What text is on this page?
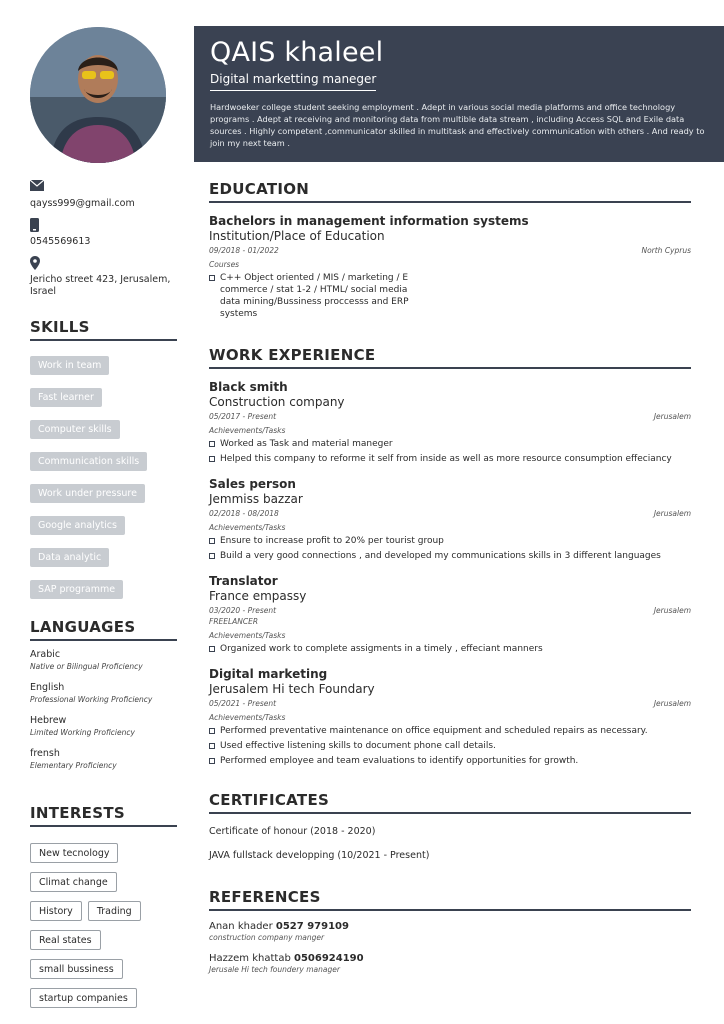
qayss999@gmail.com
0545569613
Jericho street 423, Jerusalem, Israel
SKILLS
Work in team
Fast learner
Computer skills
Communication skills
Work under pressure
Google analytics
Data analytic
SAP programme
LANGUAGES
Arabic
Native or Bilingual Proficiency
English
Professional Working Proficiency
Hebrew
Limited Working Proficiency
frensh
Elementary Proficiency
INTERESTS
New tecnology
Climat change
History	Trading
Real states
small bussiness
startup companies

QAIS khaleel
Digital marketting maneger
Hardwoeker college student seeking employment . Adept in various social media platforms and office technology programs . Adept at receiving and monitoring data from multible data stream , including Access SQL and Exile data sources . Highly competent ,communicator skilled in multitask and effectively communication with others . And ready to join my next team .
EDUCATION
Bachelors in management information systems
Institution/Place of Education
09/2018 - 01/2022	North Cyprus
Courses
C++ Object oriented / MIS / marketing / E commerce / stat 1-2 / HTML/ social media data mining/Bussiness proccesss and ERP systems
WORK EXPERIENCE
Black smith
Construction company
05/2017 - Present	Jerusalem
Achievements/Tasks
Worked as Task and material maneger
Helped this company to reforme it self from inside as well as more resource consumption effeciancy
Sales person
Jemmiss bazzar
02/2018 - 08/2018	Jerusalem
Achievements/Tasks
Ensure to increase profit to 20% per tourist group
Build a very good connections , and developed my communications skills in 3 different languages
Translator
France empassy
03/2020 - Present	Jerusalem
FREELANCER
Achievements/Tasks
Organized work to complete assigments in a timely , effeciant manners
Digital marketing
Jerusalem Hi tech Foundary
05/2021 - Present	Jerusalem
Achievements/Tasks
Performed preventative maintenance on office equipment and scheduled repairs as necessary.
Used effective listening skills to document phone call details.
Performed employee and team evaluations to identify opportunities for growth.
CERTIFICATES
Certificate of honour (2018 - 2020)
JAVA fullstack developping (10/2021 - Present)
REFERENCES
Anan khader 0527 979109
construction company manger
Hazzem khattab 0506924190
Jerusale Hi tech foundery manager
